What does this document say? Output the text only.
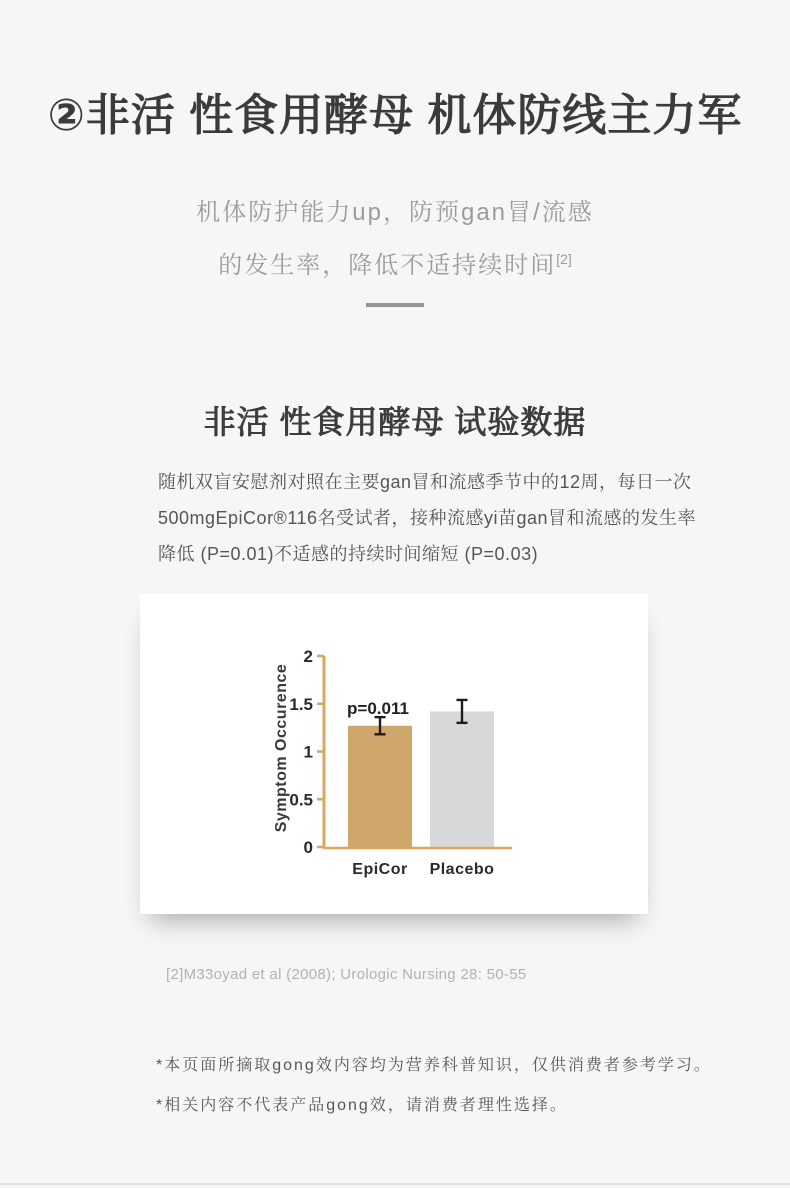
②非活 性食用酵母 机体防线主力军
机体防护能力up，防预gan冒/流感
的发生率，降低不适持续时间[2]
非活 性食用酵母 试验数据
随机双盲安慰剂对照在主要gan冒和流感季节中的12周，每日一次
500mgEpiCor®116名受试者，接种流感yi苗gan冒和流感的发生率
降低 (P=0.01)不适感的持续时间缩短 (P=0.03)
0
0.5
1
1.5
2
EpiCor Placebo
Symptom Occurence	p=0.011
[2]M33oyad et al (2008); Urologic Nursing 28: 50-55
*本页面所摘取gong效内容均为营养科普知识，仅供消费者参考学习。
*相关内容不代表产品gong效，请消费者理性选择。
